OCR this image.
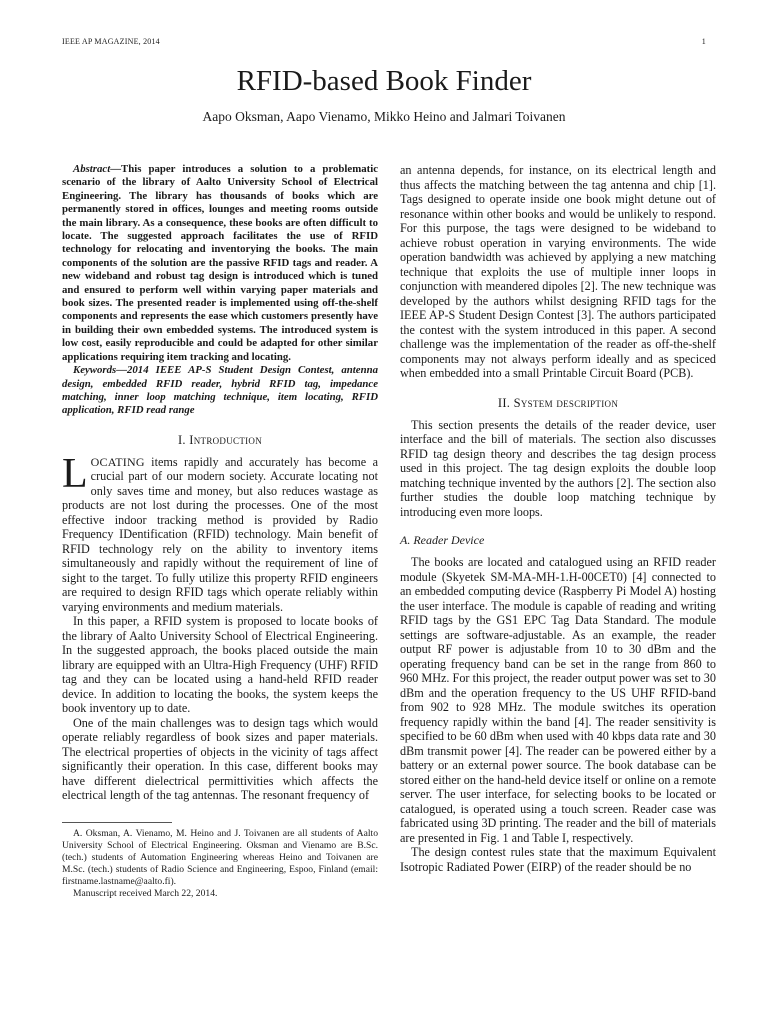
IEEE AP MAGAZINE, 2014	1
RFID-based Book Finder
Aapo Oksman, Aapo Vienamo, Mikko Heino and Jalmari Toivanen

Abstract—This paper introduces a solution to a problematic scenario of the library of Aalto University School of Electrical Engineering. The library has thousands of books which are permanently stored in offices, lounges and meeting rooms outside the main library. As a consequence, these books are often difficult to locate. The suggested approach facilitates the use of RFID technology for relocating and inventorying the books. The main components of the solution are the passive RFID tags and reader. A new wideband and robust tag design is introduced which is tuned and ensured to perform well within varying paper materials and book sizes. The presented reader is implemented using off-the-shelf components and represents the ease which customers presently have in building their own embedded systems. The introduced system is low cost, easily reproducible and could be adapted for other similar applications requiring item tracking and locating.

Keywords—2014 IEEE AP-S Student Design Contest, antenna design, embedded RFID reader, hybrid RFID tag, impedance matching, inner loop matching technique, item locating, RFID application, RFID read range

I. Introduction

LOCATING items rapidly and accurately has become a crucial part of our modern society. Accurate locating not only saves time and money, but also reduces wastage as products are not lost during the processes. One of the most effective indoor tracking method is provided by Radio Frequency IDentification (RFID) technology. Main benefit of RFID technology rely on the ability to inventory items simultaneously and rapidly without the requirement of line of sight to the target. To fully utilize this property RFID engineers are required to design RFID tags which operate reliably within varying environments and medium materials.

In this paper, a RFID system is proposed to locate books of the library of Aalto University School of Electrical Engineering. In the suggested approach, the books placed outside the main library are equipped with an Ultra-High Frequency (UHF) RFID tag and they can be located using a hand-held RFID reader device. In addition to locating the books, the system keeps the book inventory up to date.

One of the main challenges was to design tags which would operate reliably regardless of book sizes and paper materials. The electrical properties of objects in the vicinity of tags affect significantly their operation. In this case, different books may have different dielectrical permittivities which affects the electrical length of the tag antennas. The resonant frequency of

A. Oksman, A. Vienamo, M. Heino and J. Toivanen are all students of Aalto University School of Electrical Engineering. Oksman and Vienamo are B.Sc. (tech.) students of Automation Engineering whereas Heino and Toivanen are M.Sc. (tech.) students of Radio Science and Engineering, Espoo, Finland (email: firstname.lastname@aalto.fi).

Manuscript received March 22, 2014.

an antenna depends, for instance, on its electrical length and thus affects the matching between the tag antenna and chip [1]. Tags designed to operate inside one book might detune out of resonance within other books and would be unlikely to respond. For this purpose, the tags were designed to be wideband to achieve robust operation in varying environments. The wide operation bandwidth was achieved by applying a new matching technique that exploits the use of multiple inner loops in conjunction with meandered dipoles [2]. The new technique was developed by the authors whilst designing RFID tags for the IEEE AP-S Student Design Contest [3]. The authors participated the contest with the system introduced in this paper. A second challenge was the implementation of the reader as off-the-shelf components may not always perform ideally and as speciced when embedded into a small Printable Circuit Board (PCB).

II. System description

This section presents the details of the reader device, user interface and the bill of materials. The section also discusses RFID tag design theory and describes the tag design process used in this project. The tag design exploits the double loop matching technique invented by the authors [2]. The section also further studies the double loop matching technique by introducing even more loops.

A. Reader Device

The books are located and catalogued using an RFID reader module (Skyetek SM-MA-MH-1.H-00CET0) [4] connected to an embedded computing device (Raspberry Pi Model A) hosting the user interface. The module is capable of reading and writing RFID tags by the GS1 EPC Tag Data Standard. The module settings are software-adjustable. As an example, the reader output RF power is adjustable from 10 to 30 dBm and the operating frequency band can be set in the range from 860 to 960 MHz. For this project, the reader output power was set to 30 dBm and the operation frequency to the US UHF RFID-band from 902 to 928 MHz. The module switches its operation frequency rapidly within the band [4]. The reader sensitivity is specified to be 60 dBm when used with 40 kbps data rate and 30 dBm transmit power [4]. The reader can be powered either by a battery or an external power source. The book database can be stored either on the hand-held device itself or online on a remote server. The user interface, for selecting books to be located or catalogued, is operated using a touch screen. Reader case was fabricated using 3D printing. The reader and the bill of materials are presented in Fig. 1 and Table I, respectively.

The design contest rules state that the maximum Equivalent Isotropic Radiated Power (EIRP) of the reader should be no
